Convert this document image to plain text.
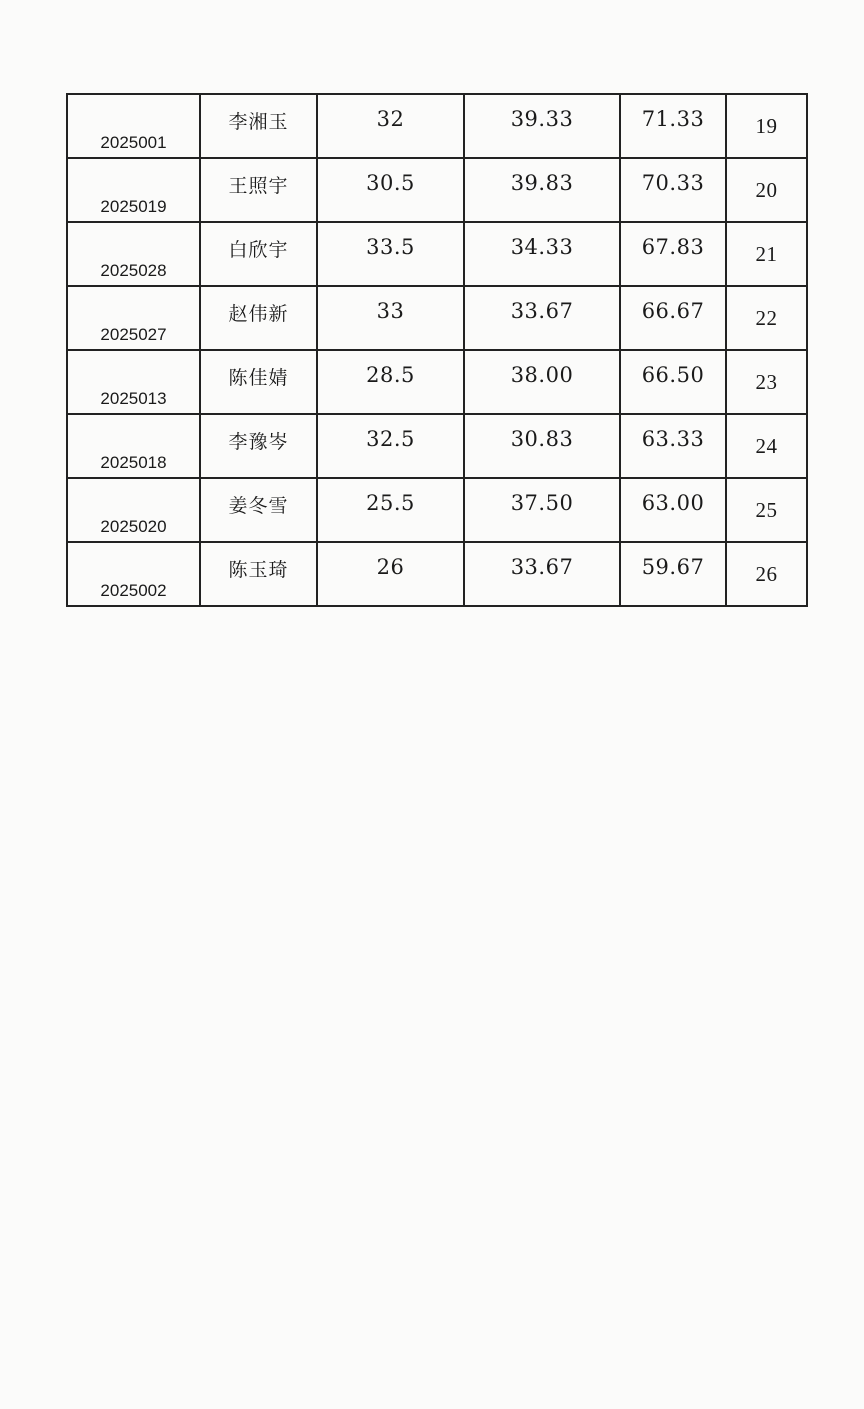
2025001	李湘玉	32	39.33	71.33	19
2025019	王照宇	30.5	39.83	70.33	20
2025028	白欣宇	33.5	34.33	67.83	21
2025027	赵伟新	33	33.67	66.67	22
2025013	陈佳婧	28.5	38.00	66.50	23
2025018	李豫岑	32.5	30.83	63.33	24
2025020	姜冬雪	25.5	37.50	63.00	25
2025002	陈玉琦	26	33.67	59.67	26
